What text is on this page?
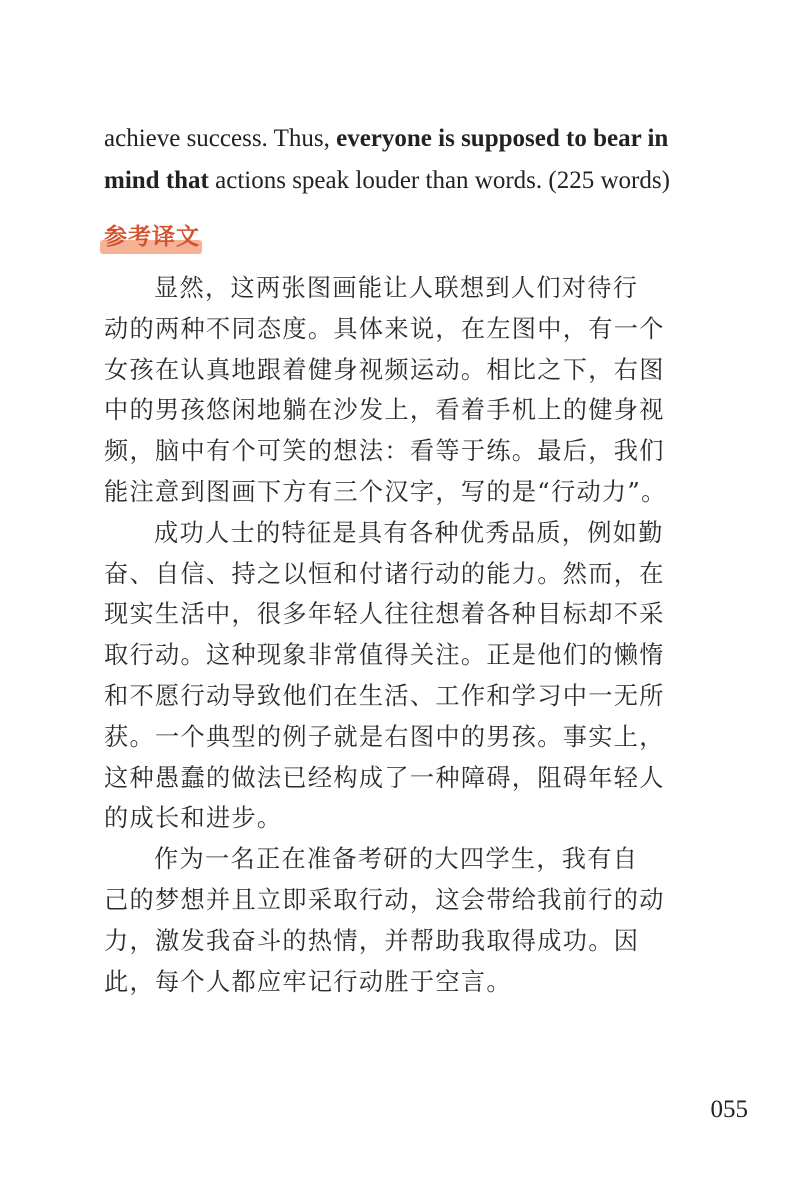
achieve success. Thus, everyone is supposed to bear in
mind that actions speak louder than words. (225 words)
参考译文
显然，这两张图画能让人联想到人们对待行
动的两种不同态度。具体来说，在左图中，有一个
女孩在认真地跟着健身视频运动。相比之下，右图
中的男孩悠闲地躺在沙发上，看着手机上的健身视
频，脑中有个可笑的想法：看等于练。最后，我们
能注意到图画下方有三个汉字，写的是“行动力”。
成功人士的特征是具有各种优秀品质，例如勤
奋、自信、持之以恒和付诸行动的能力。然而，在
现实生活中，很多年轻人往往想着各种目标却不采
取行动。这种现象非常值得关注。正是他们的懒惰
和不愿行动导致他们在生活、工作和学习中一无所
获。一个典型的例子就是右图中的男孩。事实上，
这种愚蠢的做法已经构成了一种障碍，阻碍年轻人
的成长和进步。
作为一名正在准备考研的大四学生，我有自
己的梦想并且立即采取行动，这会带给我前行的动
力，激发我奋斗的热情，并帮助我取得成功。因
此，每个人都应牢记行动胜于空言。
055
